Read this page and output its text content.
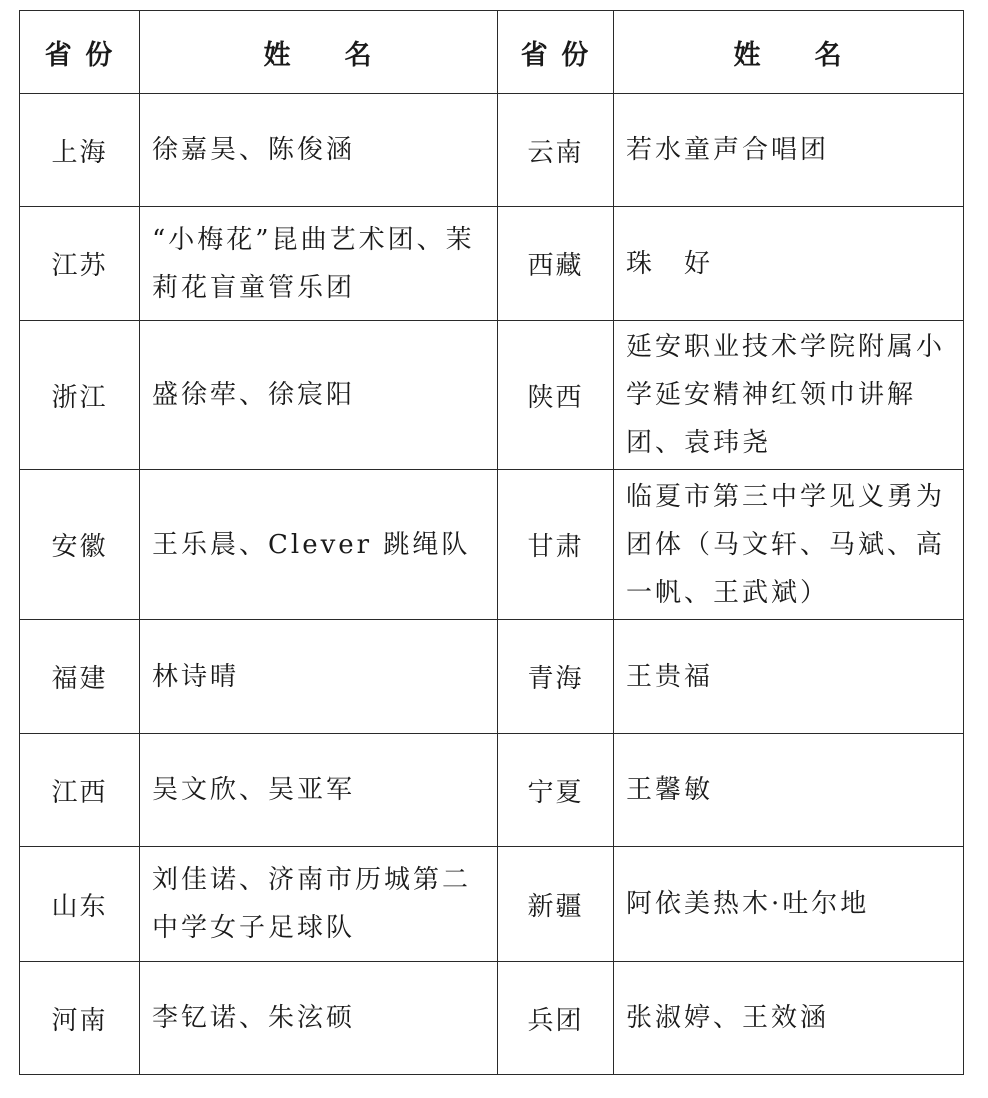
省 份	姓 名	省 份	姓 名
上海	徐嘉昊、陈俊涵	云南	若水童声合唱团
江苏	“小梅花”昆曲艺术团、茉莉花盲童管乐团	西藏	珠　好
浙江	盛徐荦、徐宸阳	陕西	延安职业技术学院附属小学延安精神红领巾讲解团、袁玮尧
安徽	王乐晨、Clever 跳绳队	甘肃	临夏市第三中学见义勇为团体（马文轩、马斌、高一帆、王武斌）
福建	林诗晴	青海	王贵福
江西	吴文欣、吴亚军	宁夏	王馨敏
山东	刘佳诺、济南市历城第二中学女子足球队	新疆	阿依美热木·吐尔地
河南	李钇诺、朱泫硕	兵团	张淑婷、王效涵
